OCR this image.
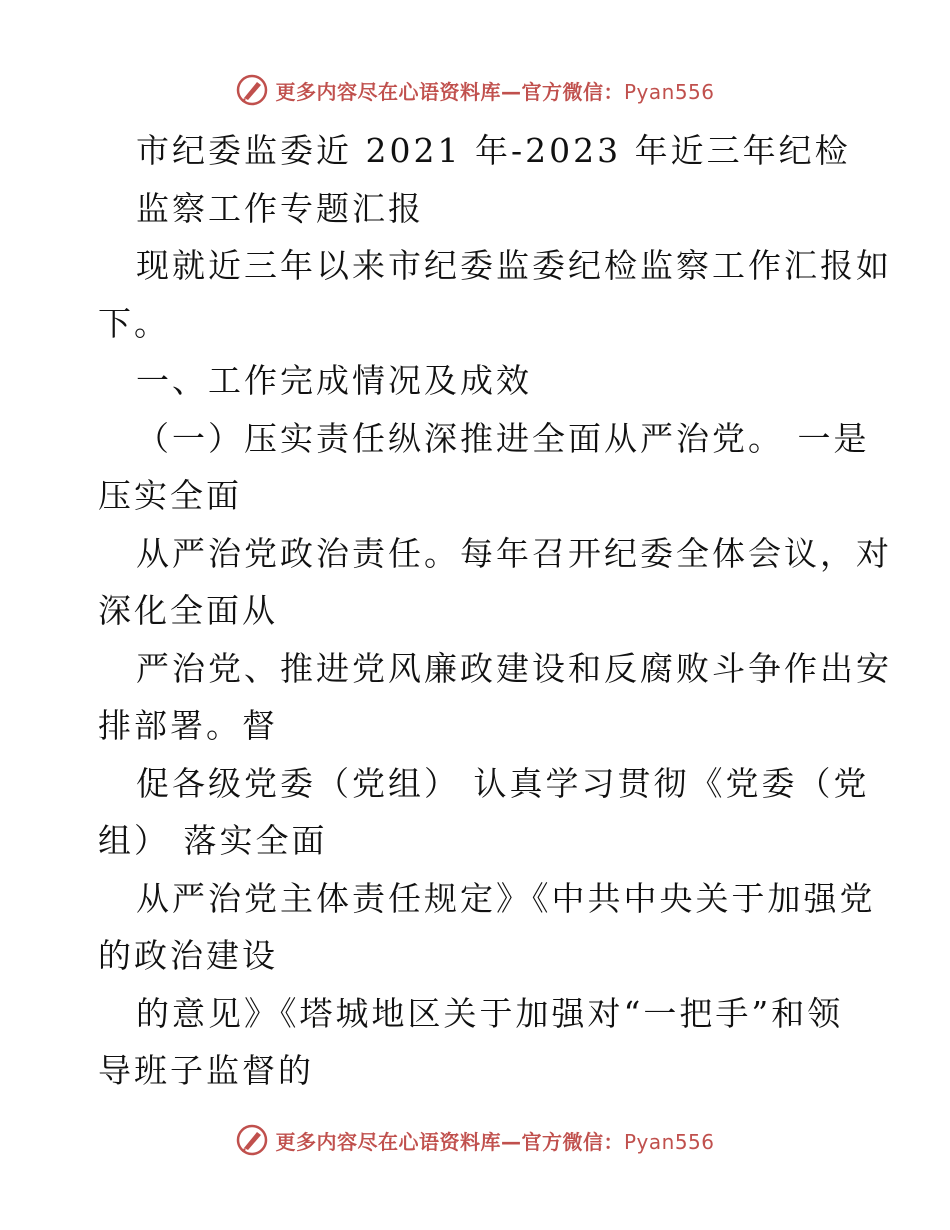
更多内容尽在心语资料库—官方微信：Pyan556
市纪委监委近 2021 年-2023 年近三年纪检
监察工作专题汇报
现就近三年以来市纪委监委纪检监察工作汇报如
下。
一、工作完成情况及成效
（一）压实责任纵深推进全面从严治党。 一是
压实全面
从严治党政治责任。每年召开纪委全体会议，对
深化全面从
严治党、推进党风廉政建设和反腐败斗争作出安
排部署。督
促各级党委（党组） 认真学习贯彻《党委（党
组） 落实全面
从严治党主体责任规定》《中共中央关于加强党
的政治建设
的意见》《塔城地区关于加强对“一把手”和领
导班子监督的
更多内容尽在心语资料库—官方微信：Pyan556
